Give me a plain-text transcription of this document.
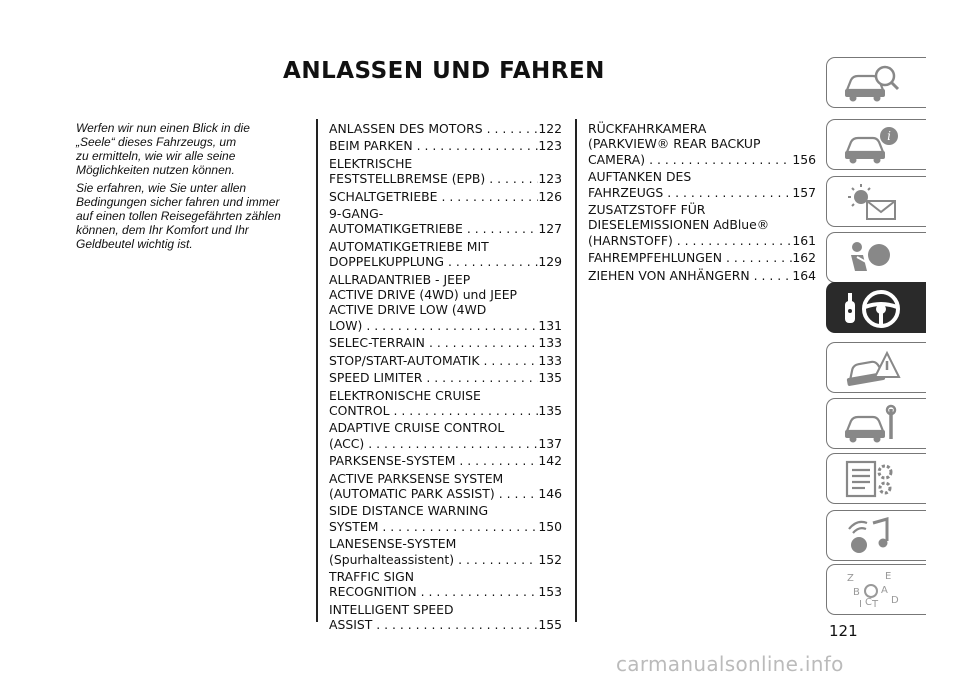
ANLASSEN UND FAHREN

Werfen wir nun einen Blick in die
„Seele“ dieses Fahrzeugs, um
zu ermitteln, wie wir alle seine
Möglichkeiten nutzen können.

Sie erfahren, wie Sie unter allen
Bedingungen sicher fahren und immer
auf einen tollen Reisegefährten zählen
können, dem Ihr Komfort und Ihr
Geldbeutel wichtig ist.

ANLASSEN DES MOTORS . . .	122
BEIM PARKEN . . .	123
ELEKTRISCHE
FESTSTELLBREMSE (EPB) . . .	123
SCHALTGETRIEBE . . .	126
9-GANG-
AUTOMATIKGETRIEBE . . .	127
AUTOMATIKGETRIEBE MIT
DOPPELKUPPLUNG . . .	129
ALLRADANTRIEB - JEEP
ACTIVE DRIVE (4WD) und JEEP
ACTIVE DRIVE LOW (4WD
LOW) . . .	131
SELEC-TERRAIN . . .	133
STOP/START-AUTOMATIK . . .	133
SPEED LIMITER . . .	135
ELEKTRONISCHE CRUISE
CONTROL . . .	135
ADAPTIVE CRUISE CONTROL
(ACC) . . .	137
PARKSENSE-SYSTEM . . .	142
ACTIVE PARKSENSE SYSTEM
(AUTOMATIC PARK ASSIST) . . .	146
SIDE DISTANCE WARNING
SYSTEM . . .	150
LANESENSE-SYSTEM
(Spurhalteassistent) . . .	152
TRAFFIC SIGN
RECOGNITION . . .	153
INTELLIGENT SPEED
ASSIST . . .	155
RÜCKFAHRKAMERA
(PARKVIEW® REAR BACKUP
CAMERA) . . .	156
AUFTANKEN DES
FAHRZEUGS . . .	157
ZUSATZSTOFF FÜR
DIESELEMISSIONEN AdBlue®
(HARNSTOFF) . . .	161
FAHREMPFEHLUNGEN . . .	162
ZIEHEN VON ANHÄNGERN . . .	164
i
Z	E
B A
I C T D
121
carmanualsonline.info
